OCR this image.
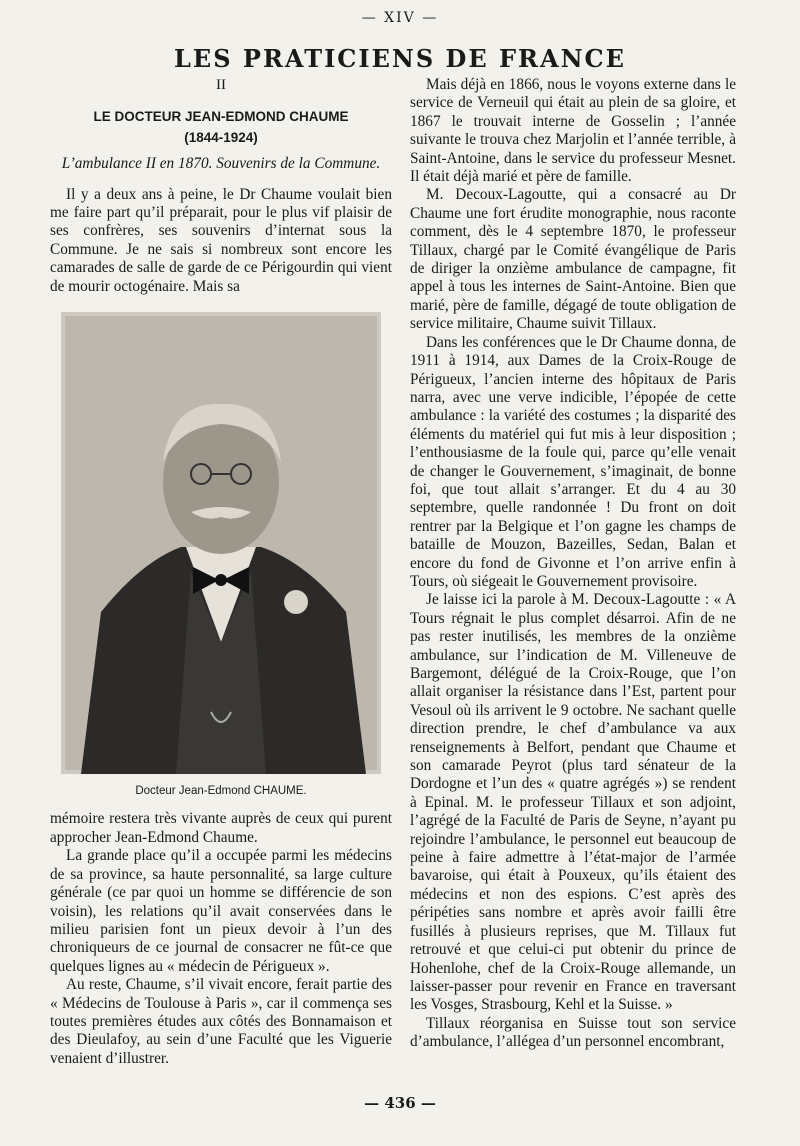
— XIV —
LES PRATICIENS DE FRANCE
II
LE DOCTEUR JEAN-EDMOND CHAUME
(1844-1924)
L’ambulance II en 1870. Souvenirs de la Commune.

Il y a deux ans à peine, le Dr Chaume voulait bien me faire part qu’il préparait, pour le plus vif plaisir de ses confrères, ses souvenirs d’internat sous la Commune. Je ne sais si nombreux sont encore les camarades de salle de garde de ce Périgourdin qui vient de mourir octogénaire. Mais sa

Docteur Jean-Edmond CHAUME.

mémoire restera très vivante auprès de ceux qui purent approcher Jean-Edmond Chaume.

La grande place qu’il a occupée parmi les médecins de sa province, sa haute personnalité, sa large culture générale (ce par quoi un homme se différencie de son voisin), les relations qu’il avait conservées dans le milieu parisien font un pieux devoir à l’un des chroniqueurs de ce journal de consacrer ne fût-ce que quelques lignes au « médecin de Périgueux ».

Au reste, Chaume, s’il vivait encore, ferait partie des « Médecins de Toulouse à Paris », car il commença ses toutes premières études aux côtés des Bonnamaison et des Dieulafoy, au sein d’une Faculté que les Viguerie venaient d’illustrer.

Mais déjà en 1866, nous le voyons externe dans le service de Verneuil qui était au plein de sa gloire, et 1867 le trouvait interne de Gosselin ; l’année suivante le trouva chez Marjolin et l’année terrible, à Saint-Antoine, dans le service du professeur Mesnet. Il était déjà marié et père de famille.

M. Decoux-Lagoutte, qui a consacré au Dr Chaume une fort érudite monographie, nous raconte comment, dès le 4 septembre 1870, le professeur Tillaux, chargé par le Comité évangélique de Paris de diriger la onzième ambulance de campagne, fit appel à tous les internes de Saint-Antoine. Bien que marié, père de famille, dégagé de toute obligation de service militaire, Chaume suivit Tillaux.

Dans les conférences que le Dr Chaume donna, de 1911 à 1914, aux Dames de la Croix-Rouge de Périgueux, l’ancien interne des hôpitaux de Paris narra, avec une verve indicible, l’épopée de cette ambulance : la variété des costumes ; la disparité des éléments du matériel qui fut mis à leur disposition ; l’enthousiasme de la foule qui, parce qu’elle venait de changer le Gouvernement, s’imaginait, de bonne foi, que tout allait s’arranger. Et du 4 au 30 septembre, quelle randonnée ! Du front on doit rentrer par la Belgique et l’on gagne les champs de bataille de Mouzon, Bazeilles, Sedan, Balan et encore du fond de Givonne et l’on arrive enfin à Tours, où siégeait le Gouvernement provisoire.

Je laisse ici la parole à M. Decoux-Lagoutte : « A Tours régnait le plus complet désarroi. Afin de ne pas rester inutilisés, les membres de la onzième ambulance, sur l’indication de M. Villeneuve de Bargemont, délégué de la Croix-Rouge, que l’on allait organiser la résistance dans l’Est, partent pour Vesoul où ils arrivent le 9 octobre. Ne sachant quelle direction prendre, le chef d’ambulance va aux renseignements à Belfort, pendant que Chaume et son camarade Peyrot (plus tard sénateur de la Dordogne et l’un des « quatre agrégés ») se rendent à Epinal. M. le professeur Tillaux et son adjoint, l’agrégé de la Faculté de Paris de Seyne, n’ayant pu rejoindre l’ambulance, le personnel eut beaucoup de peine à faire admettre à l’état-major de l’armée bavaroise, qui était à Pouxeux, qu’ils étaient des médecins et non des espions. C’est après des péripéties sans nombre et après avoir failli être fusillés à plusieurs reprises, que M. Tillaux fut retrouvé et que celui-ci put obtenir du prince de Hohenlohe, chef de la Croix-Rouge allemande, un laisser-passer pour revenir en France en traversant les Vosges, Strasbourg, Kehl et la Suisse. »

Tillaux réorganisa en Suisse tout son service d’ambulance, l’allégea d’un personnel encombrant,

— 436 —
